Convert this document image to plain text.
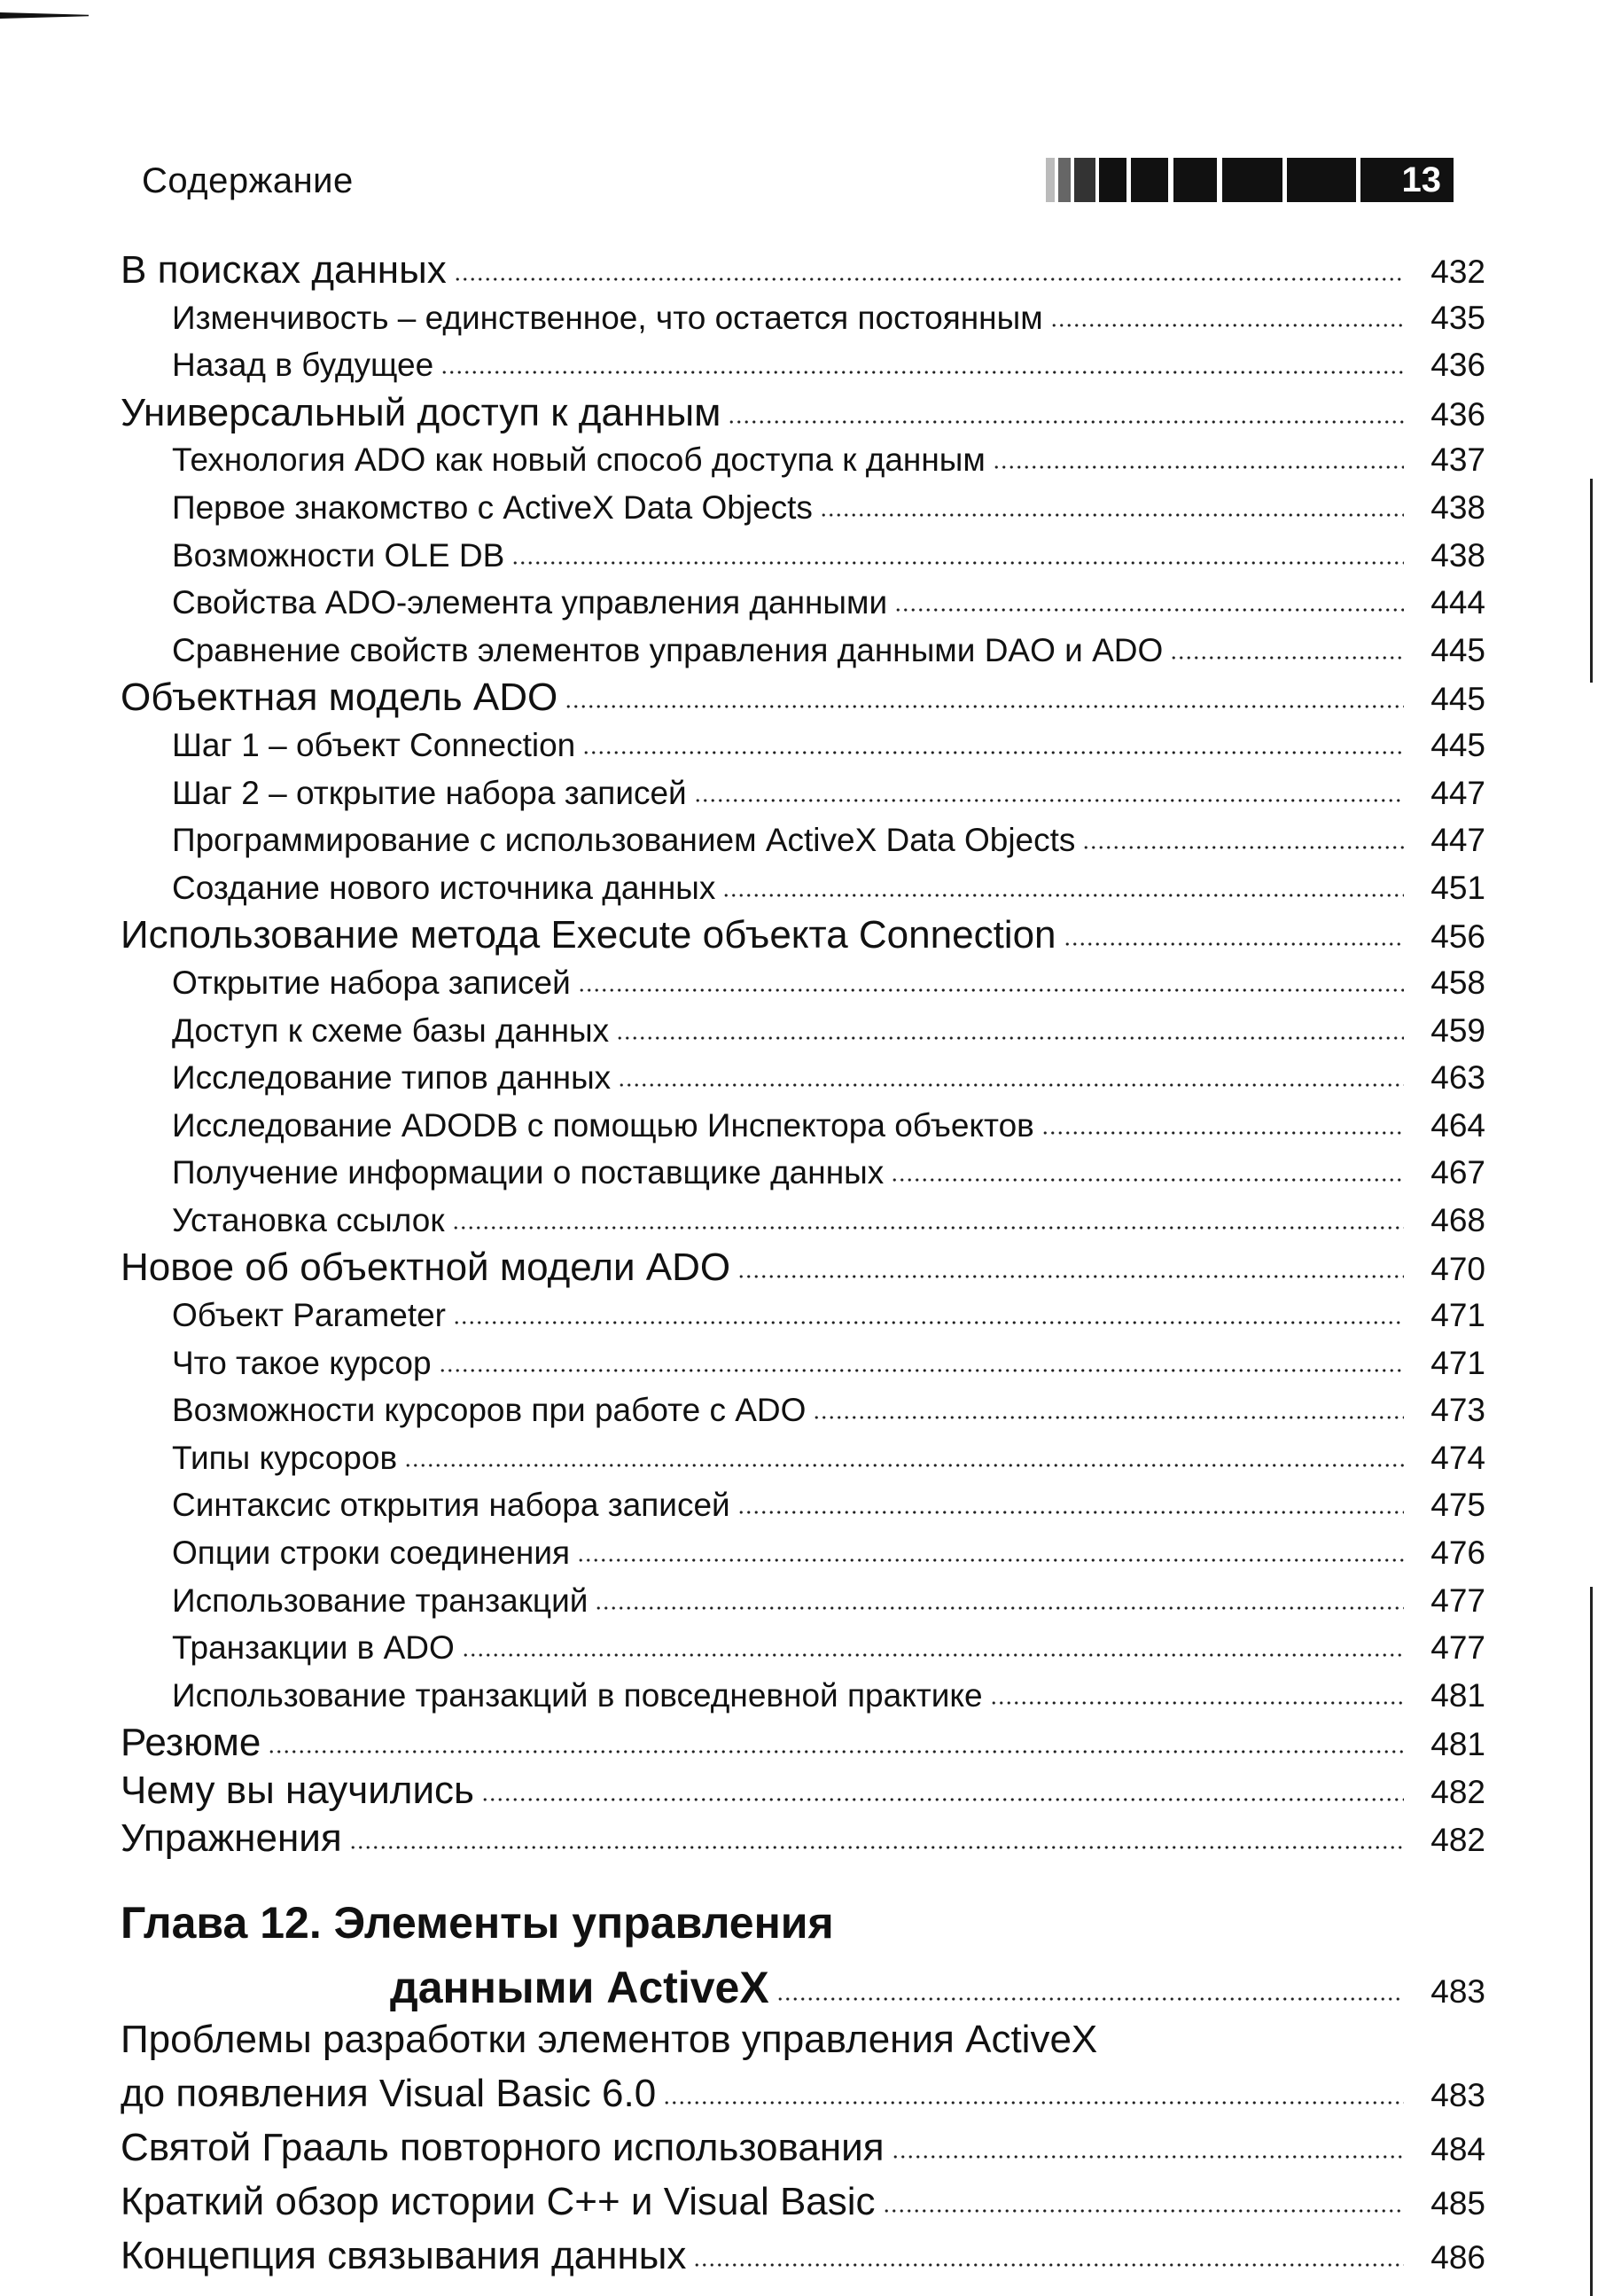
Содержание	13
В поисках данных	432
Изменчивость – единственное, что остается постоянным	435
Назад в будущее	436
Универсальный доступ к данным	436
Технология ADO как новый способ доступа к данным	437
Первое знакомство с ActiveX Data Objects	438
Возможности OLE DB	438
Свойства ADO-элемента управления данными	444
Сравнение свойств элементов управления данными DAO и ADO	445
Объектная модель ADO	445
Шаг 1 – объект Connection	445
Шаг 2 – открытие набора записей	447
Программирование с использованием ActiveX Data Objects	447
Создание нового источника данных	451
Использование метода Execute объекта Connection	456
Открытие набора записей	458
Доступ к схеме базы данных	459
Исследование типов данных	463
Исследование ADODB с помощью Инспектора объектов	464
Получение информации о поставщике данных	467
Установка ссылок	468
Новое об объектной модели ADO	470
Объект Parameter	471
Что такое курсор	471
Возможности курсоров при работе с ADO	473
Типы курсоров	474
Синтаксис открытия набора записей	475
Опции строки соединения	476
Использование транзакций	477
Транзакции в ADO	477
Использование транзакций в повседневной практике	481
Резюме	481
Чему вы научились	482
Упражнения	482
Глава 12. Элементы управления
данными ActiveX	483
Проблемы разработки элементов управления ActiveX
до появления Visual Basic 6.0	483
Святой Грааль повторного использования	484
Краткий обзор истории C++ и Visual Basic	485
Концепция связывания данных	486
